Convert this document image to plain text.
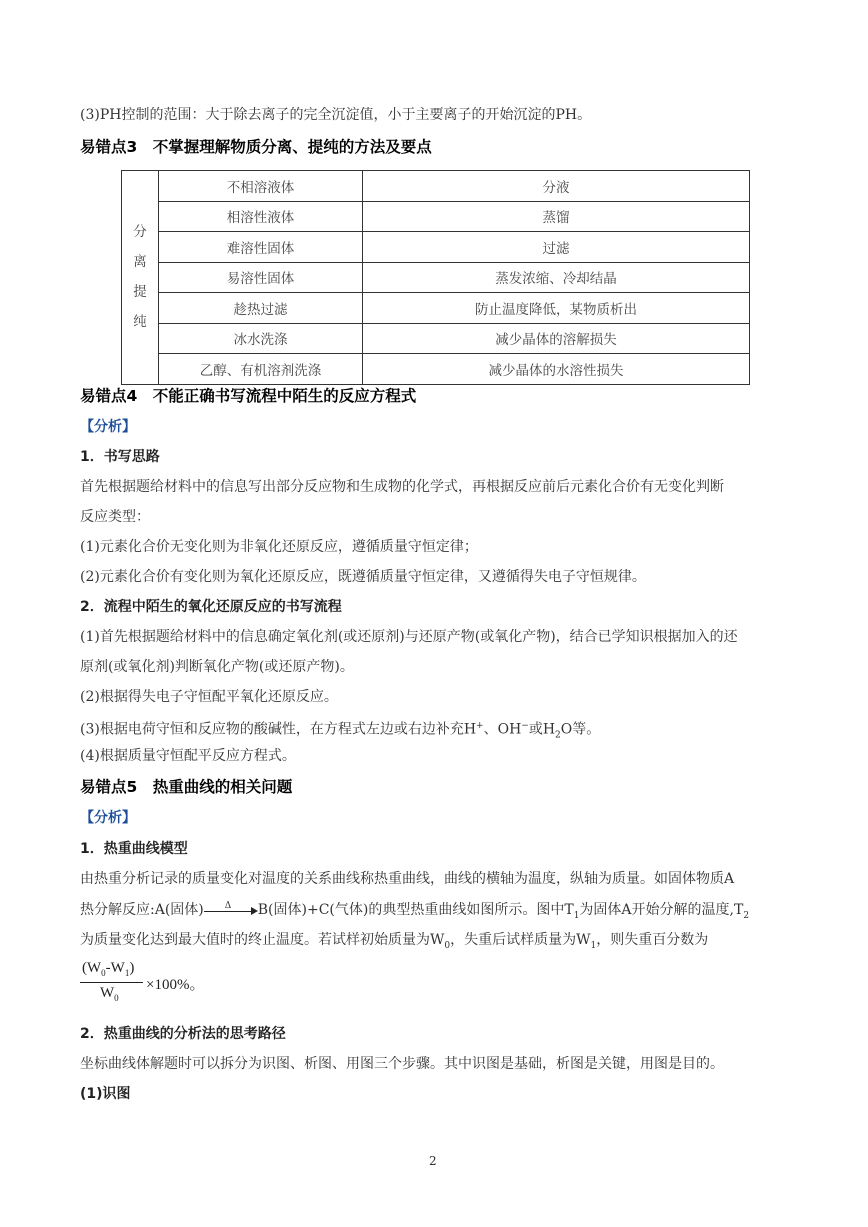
(3)PH控制的范围：大于除去离子的完全沉淀值，小于主要离子的开始沉淀的PH。
易错点3　不掌握理解物质分离、提纯的方法及要点
分
离
提
纯	不相溶液体	分液
	相溶性液体	蒸馏
	难溶性固体	过滤
	易溶性固体	蒸发浓缩、冷却结晶
	趁热过滤	防止温度降低，某物质析出
	冰水洗涤	减少晶体的溶解损失
	乙醇、有机溶剂洗涤	减少晶体的水溶性损失
易错点4　不能正确书写流程中陌生的反应方程式
【分析】
1．书写思路
首先根据题给材料中的信息写出部分反应物和生成物的化学式，再根据反应前后元素化合价有无变化判断
反应类型：
(1)元素化合价无变化则为非氧化还原反应，遵循质量守恒定律；
(2)元素化合价有变化则为氧化还原反应，既遵循质量守恒定律，又遵循得失电子守恒规律。
2．流程中陌生的氧化还原反应的书写流程
(1)首先根据题给材料中的信息确定氧化剂(或还原剂)与还原产物(或氧化产物)，结合已学知识根据加入的还
原剂(或氧化剂)判断氧化产物(或还原产物)。
(2)根据得失电子守恒配平氧化还原反应。
(3)根据电荷守恒和反应物的酸碱性，在方程式左边或右边补充H+、OH−或$H_2O$等。
(4)根据质量守恒配平反应方程式。
易错点5　热重曲线的相关问题
【分析】
1．热重曲线模型
由热重分析记录的质量变化对温度的关系曲线称热重曲线，曲线的横轴为温度，纵轴为质量。如固体物质A
热分解反应:A(固体) Δ B(固体)+C(气体)的典型热重曲线如图所示。图中$T_1$为固体A开始分解的温度$,T_2$
为质量变化达到最大值时的终止温度。若试样初始质量为$W_0$，失重后试样质量为$W_1$，则失重百分数为
$(W_0-W_1)$
$W_0$
×100%。
2．热重曲线的分析法的思考路径
坐标曲线体解题时可以拆分为识图、析图、用图三个步骤。其中识图是基础，析图是关键，用图是目的。
(1)识图
2
